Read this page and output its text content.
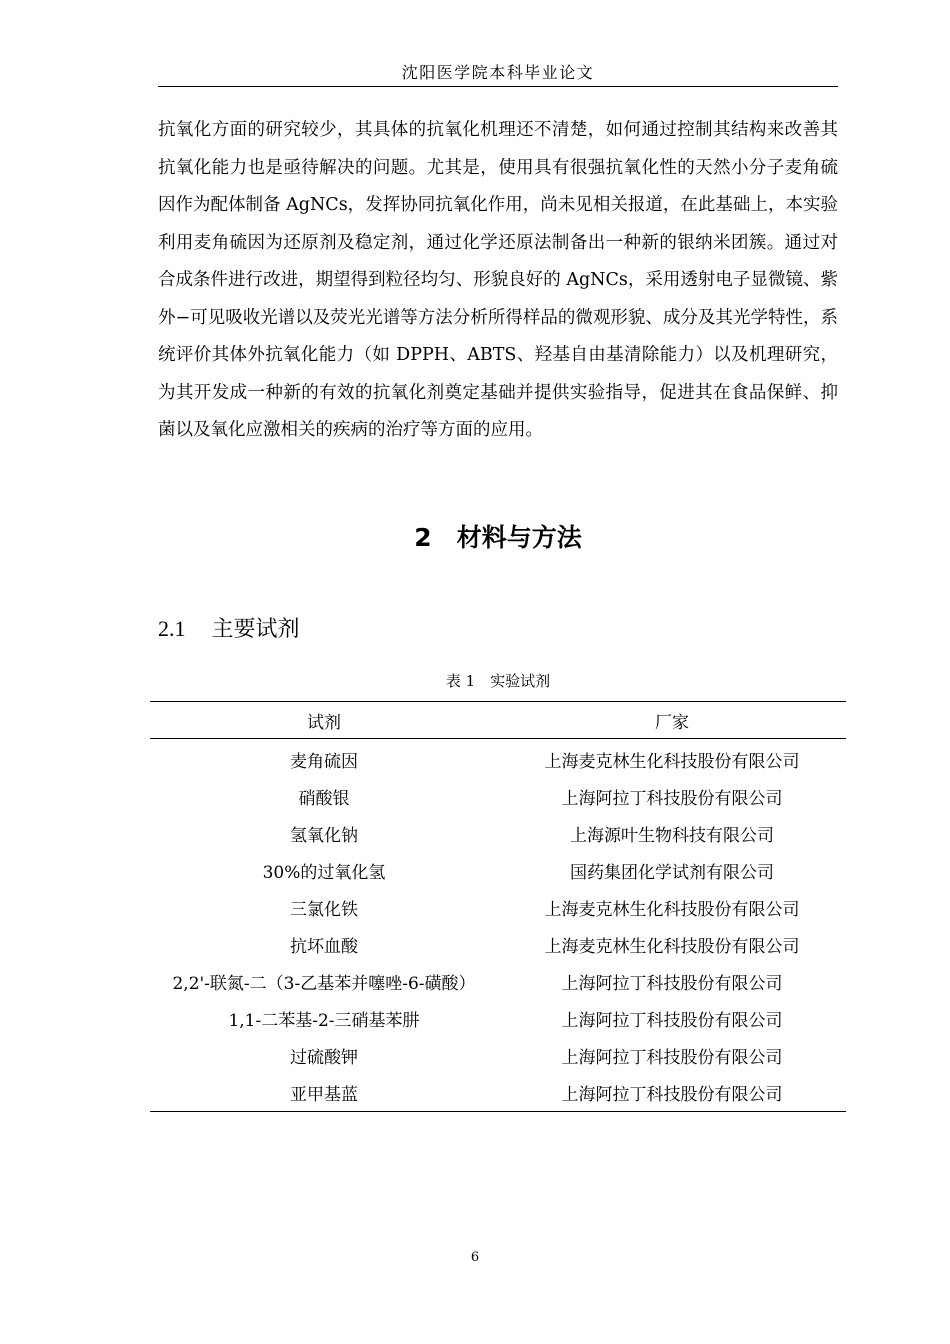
沈阳医学院本科毕业论文

抗氧化方面的研究较少，其具体的抗氧化机理还不清楚，如何通过控制其结构来改善其抗氧化能力也是亟待解决的问题。尤其是，使用具有很强抗氧化性的天然小分子麦角硫因作为配体制备 AgNCs，发挥协同抗氧化作用，尚未见相关报道，在此基础上，本实验利用麦角硫因为还原剂及稳定剂，通过化学还原法制备出一种新的银纳米团簇。通过对合成条件进行改进，期望得到粒径均匀、形貌良好的 AgNCs，采用透射电子显微镜、紫外−可见吸收光谱以及荧光光谱等方法分析所得样品的微观形貌、成分及其光学特性，系统评价其体外抗氧化能力（如 DPPH、ABTS、羟基自由基清除能力）以及机理研究，为其开发成一种新的有效的抗氧化剂奠定基础并提供实验指导，促进其在食品保鲜、抑菌以及氧化应激相关的疾病的治疗等方面的应用。

2　材料与方法
2.1 主要试剂
表 1　实验试剂
试剂	厂家
麦角硫因	上海麦克林生化科技股份有限公司
硝酸银	上海阿拉丁科技股份有限公司
氢氧化钠	上海源叶生物科技有限公司
30%的过氧化氢	国药集团化学试剂有限公司
三氯化铁	上海麦克林生化科技股份有限公司
抗坏血酸	上海麦克林生化科技股份有限公司
2,2'-联氮-二（3-乙基苯并噻唑-6-磺酸）	上海阿拉丁科技股份有限公司
1,1-二苯基-2-三硝基苯肼	上海阿拉丁科技股份有限公司
过硫酸钾	上海阿拉丁科技股份有限公司
亚甲基蓝	上海阿拉丁科技股份有限公司
6
